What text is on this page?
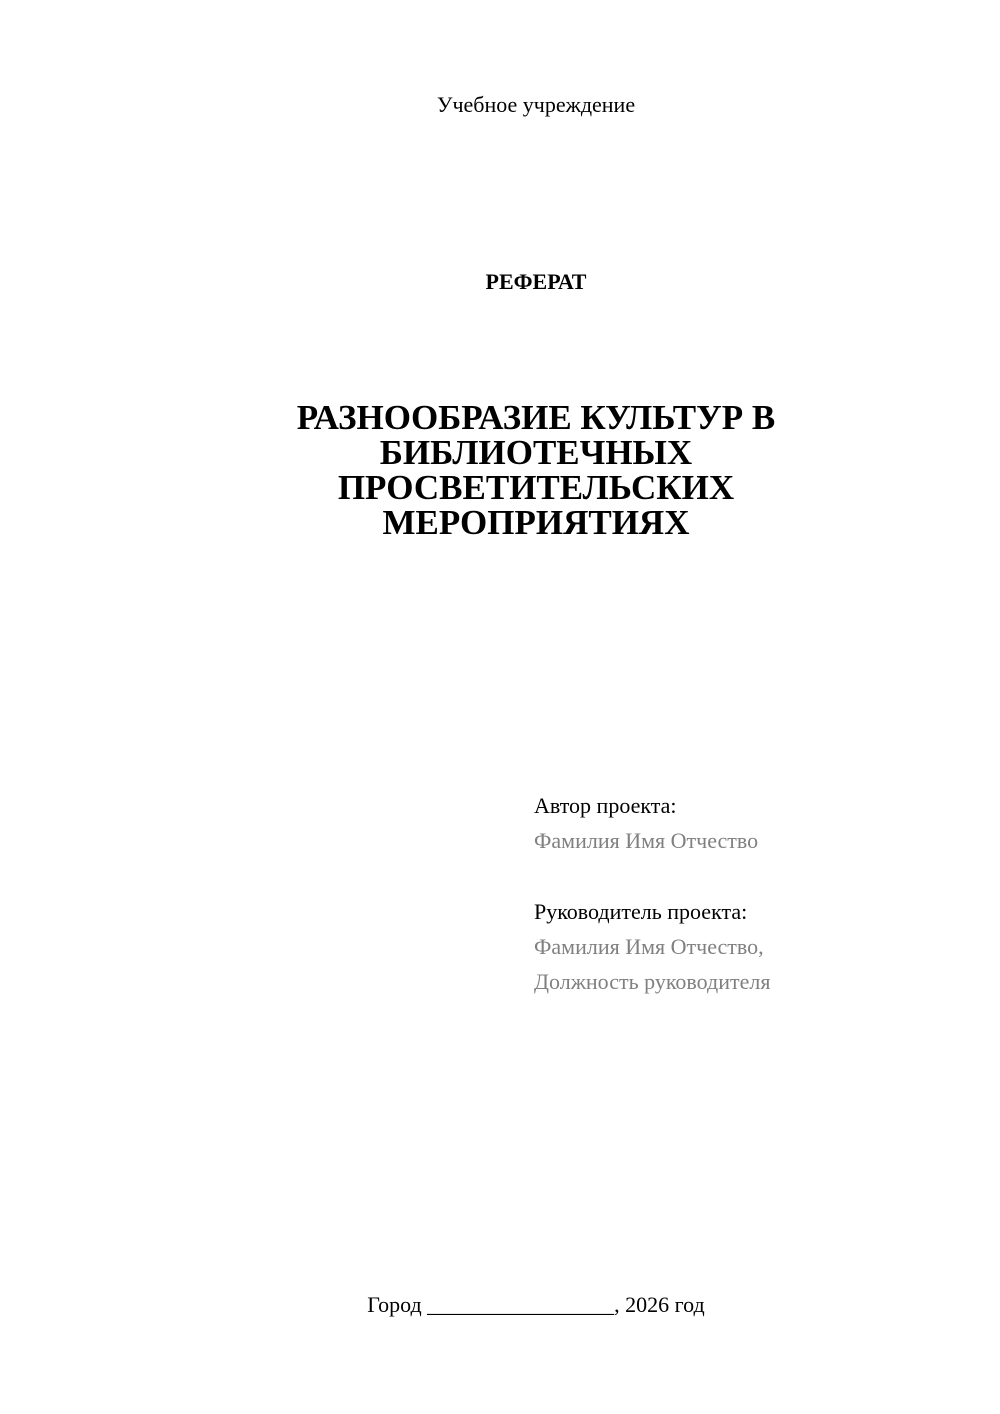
Учебное учреждение
РЕФЕРАТ
РАЗНООБРАЗИЕ КУЛЬТУР В
БИБЛИОТЕЧНЫХ
ПРОСВЕТИТЕЛЬСКИХ
МЕРОПРИЯТИЯХ
Автор проекта:
Фамилия Имя Отчество
Руководитель проекта:
Фамилия Имя Отчество,
Должность руководителя
Город _________________, 2026 год
